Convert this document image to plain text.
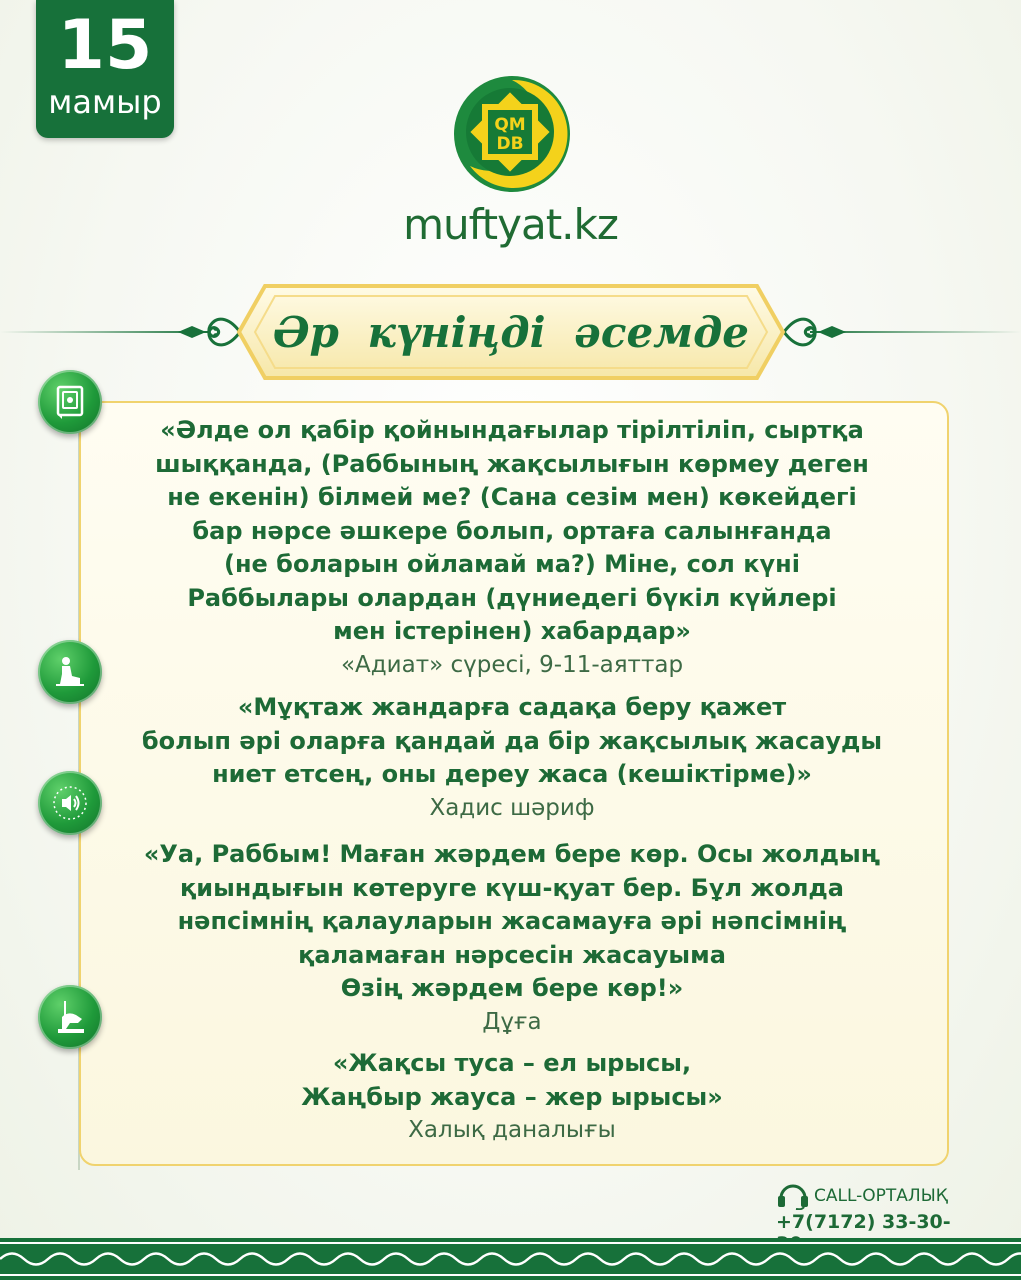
15
мамыр
QM
DB
muftyat.kz
Әр күніңді әсемде
«Әлде ол қабір қойнындағылар тірілтіліп, сыртқа
шыққанда, (Раббының жақсылығын көрмеу деген
не екенін) білмей ме? (Сана сезім мен) көкейдегі
бар нәрсе әшкере болып, ортаға салынғанда
(не боларын ойламай ма?) Міне, сол күні
Раббылары олардан (дүниедегі бүкіл күйлері
мен істерінен) хабардар»
«Адиат» сүресі, 9-11-аяттар
«Мұқтаж жандарға садақа беру қажет
болып әрі оларға қандай да бір жақсылық жасауды
ниет етсең, оны дереу жаса (кешіктірме)»
Хадис шәриф
«Уа, Раббым! Маған жәрдем бере көр. Осы жолдың
қиындығын көтеруге күш-қуат бер. Бұл жолда
нәпсімнің қалауларын жасамауға әрі нәпсімнің
қаламаған нәрсесін жасауыма
Өзің жәрдем бере көр!»
Дұға
«Жақсы туса – ел ырысы,
Жаңбыр жауса – жер ырысы»
Халық даналығы
CALL-ОРТАЛЫҚ
+7(7172) 33-30-
